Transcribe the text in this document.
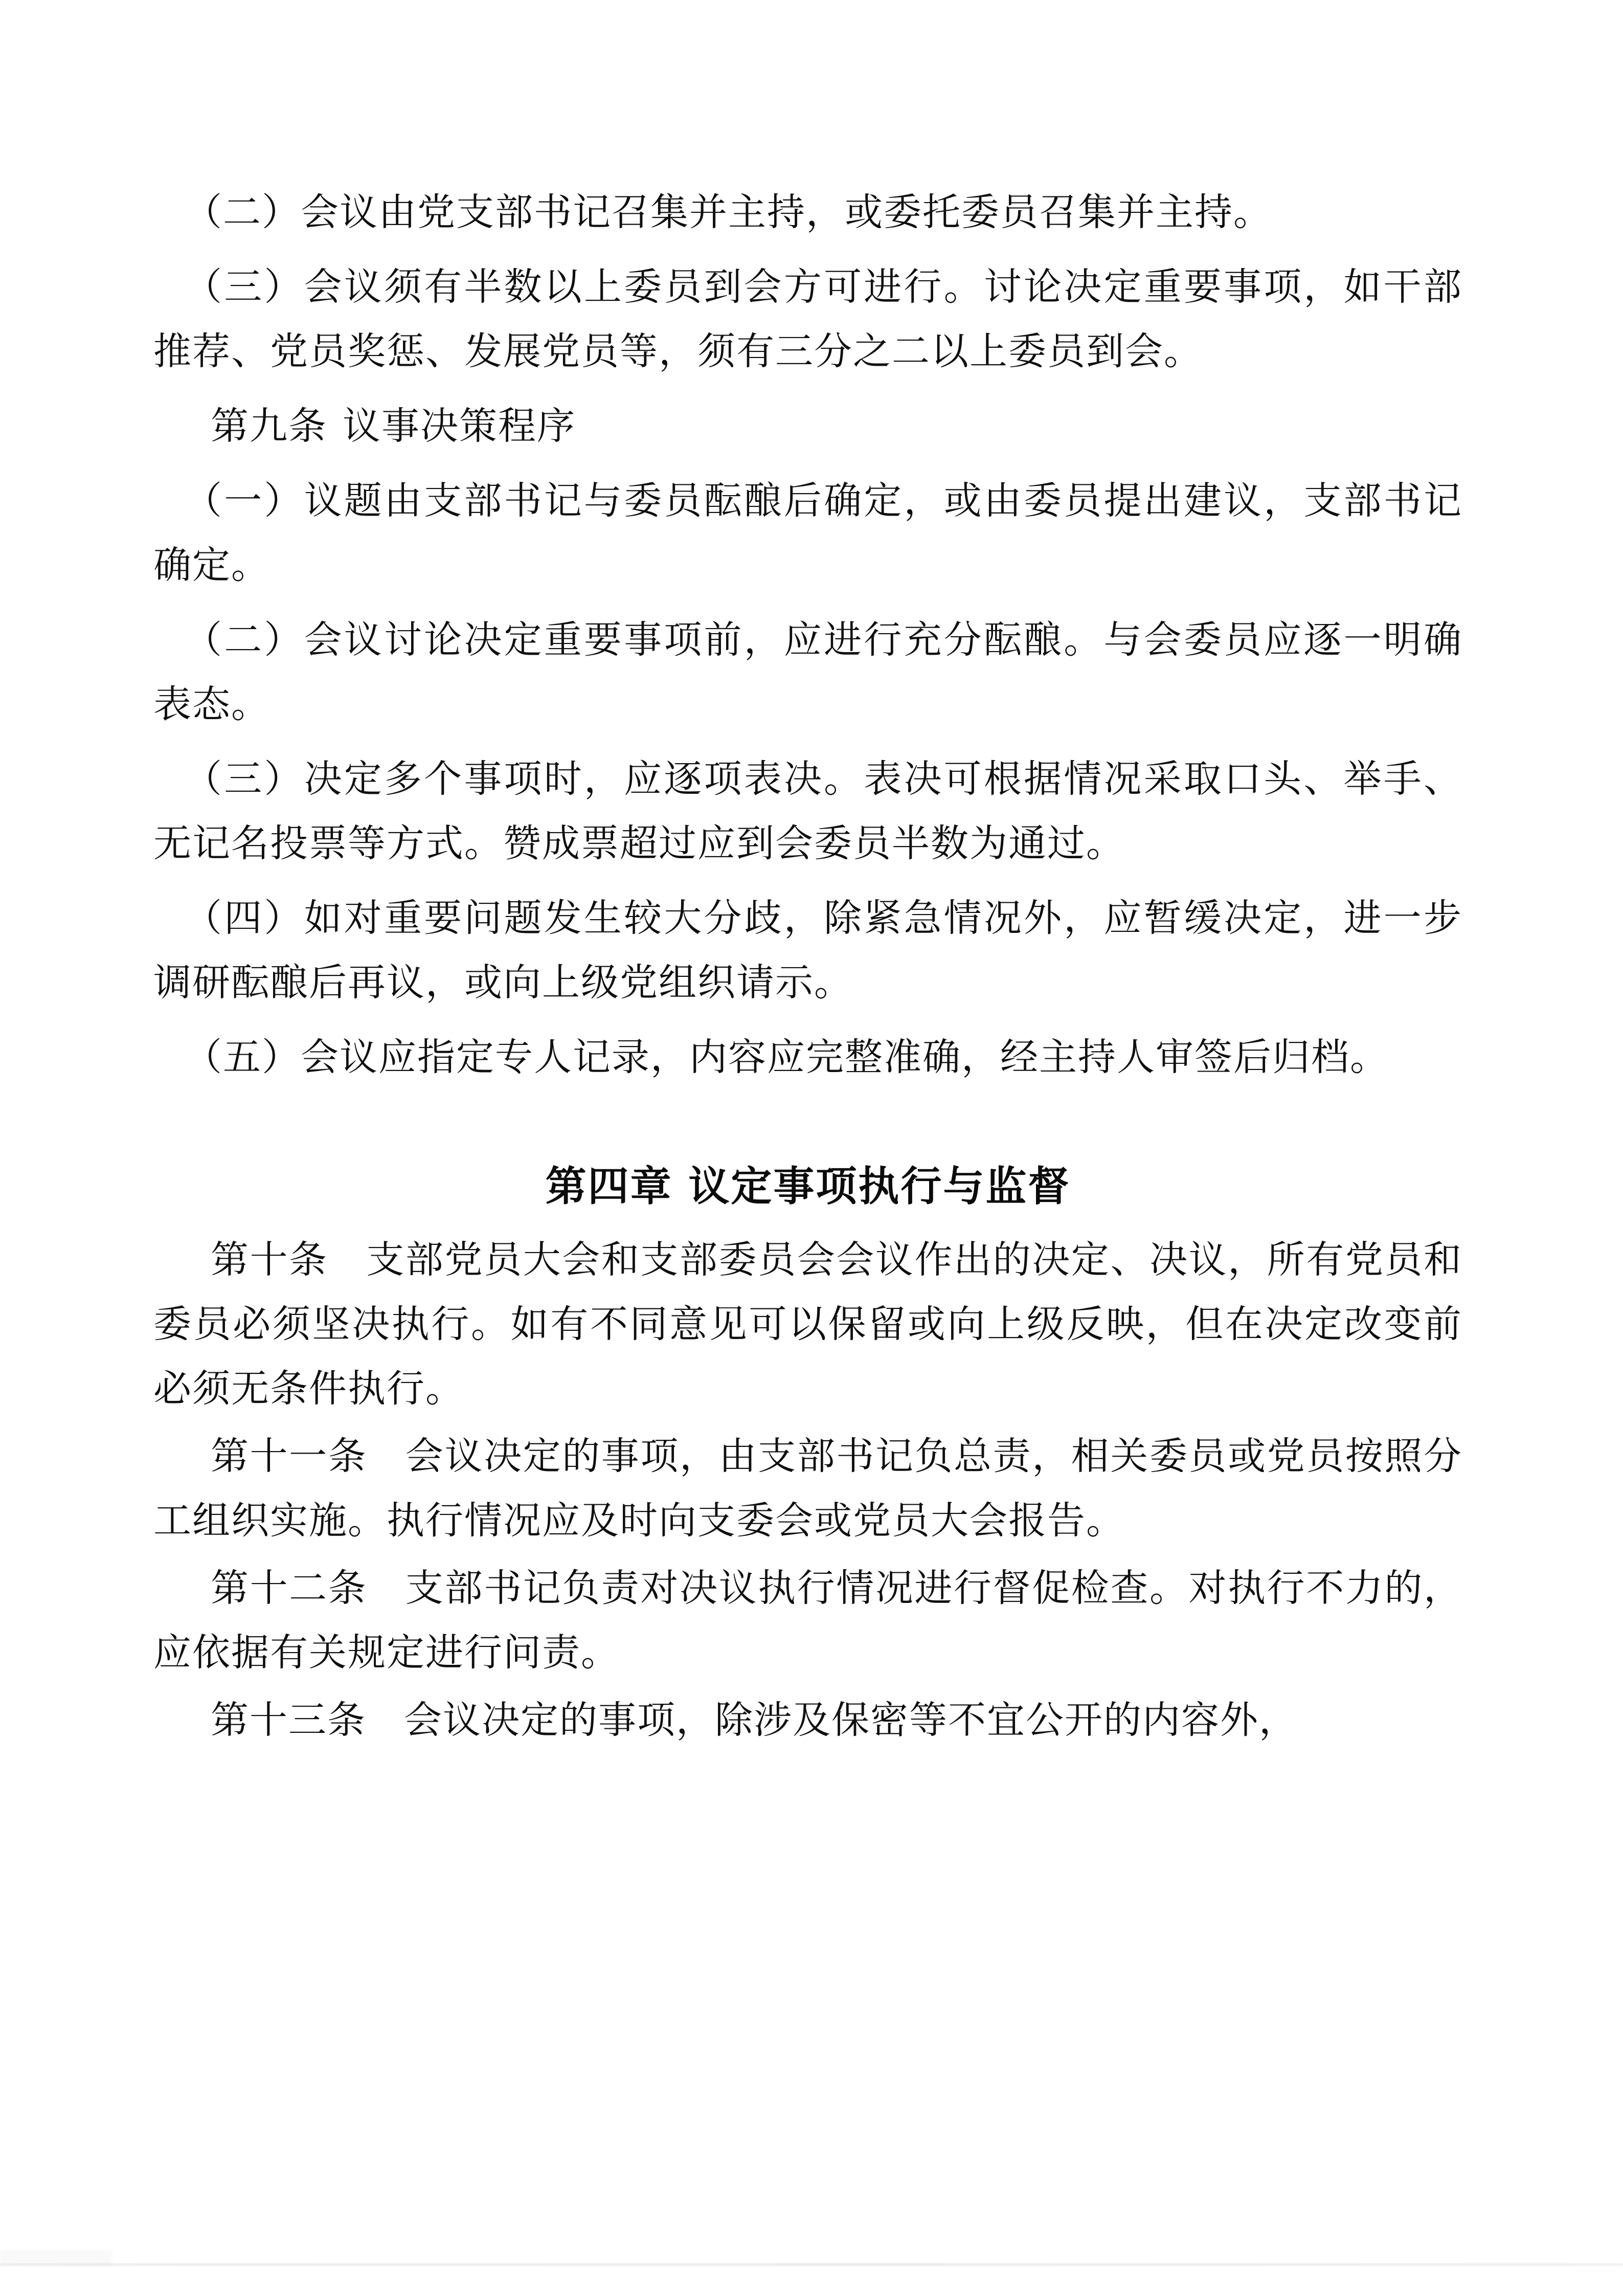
（二）会议由党支部书记召集并主持，或委托委员召集并主持。

（三）会议须有半数以上委员到会方可进行。讨论决定重要事项，如干部推荐、党员奖惩、发展党员等，须有三分之二以上委员到会。

第九条 议事决策程序

（一）议题由支部书记与委员酝酿后确定，或由委员提出建议，支部书记确定。

（二）会议讨论决定重要事项前，应进行充分酝酿。与会委员应逐一明确表态。

（三）决定多个事项时，应逐项表决。表决可根据情况采取口头、举手、无记名投票等方式。赞成票超过应到会委员半数为通过。

（四）如对重要问题发生较大分歧，除紧急情况外，应暂缓决定，进一步调研酝酿后再议，或向上级党组织请示。

（五）会议应指定专人记录，内容应完整准确，经主持人审签后归档。

第四章 议定事项执行与监督

第十条 支部党员大会和支部委员会会议作出的决定、决议，所有党员和委员必须坚决执行。如有不同意见可以保留或向上级反映，但在决定改变前必须无条件执行。

第十一条 会议决定的事项，由支部书记负总责，相关委员或党员按照分工组织实施。执行情况应及时向支委会或党员大会报告。

第十二条 支部书记负责对决议执行情况进行督促检查。对执行不力的，应依据有关规定进行问责。

第十三条 会议决定的事项，除涉及保密等不宜公开的内容外，
